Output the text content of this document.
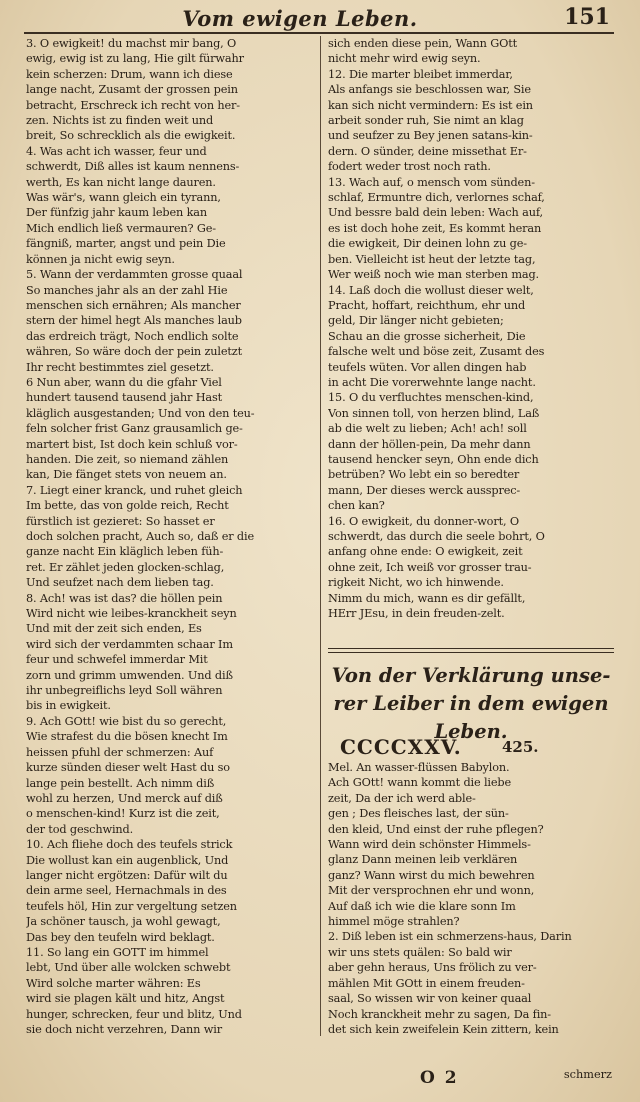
Vom ewigen Leben.	151
3. O ewigkeit! du machst mir bang, O
ewig, ewig ist zu lang, Hie gilt fürwahr
kein scherzen: Drum, wann ich diese
lange nacht, Zusamt der grossen pein
betracht, Erschreck ich recht von her-
zen. Nichts ist zu finden weit und
breit, So schrecklich als die ewigkeit.
4. Was acht ich wasser, feur und
schwerdt, Diß alles ist kaum nennens-
werth, Es kan nicht lange dauren.
Was wär's, wann gleich ein tyrann,
Der fünfzig jahr kaum leben kan
Mich endlich ließ vermauren? Ge-
fängniß, marter, angst und pein Die
können ja nicht ewig seyn.
5. Wann der verdammten grosse quaal
So manches jahr als an der zahl Hie
menschen sich ernähren; Als mancher
stern der himel hegt Als manches laub
das erdreich trägt, Noch endlich solte
währen, So wäre doch der pein zuletzt
Ihr recht bestimmtes ziel gesetzt.
6 Nun aber, wann du die gfahr Viel
hundert tausend tausend jahr Hast
kläglich ausgestanden; Und von den teu-
feln solcher frist Ganz grausamlich ge-
martert bist, Ist doch kein schluß vor-
handen. Die zeit, so niemand zählen
kan, Die fänget stets von neuem an.
7. Liegt einer kranck, und ruhet gleich
Im bette, das von golde reich, Recht
fürstlich ist gezieret: So hasset er
doch solchen pracht, Auch so, daß er die
ganze nacht Ein kläglich leben füh-
ret. Er zählet jeden glocken-schlag,
Und seufzet nach dem lieben tag.
8. Ach! was ist das? die höllen pein
Wird nicht wie leibes-kranckheit seyn
Und mit der zeit sich enden, Es
wird sich der verdammten schaar Im
feur und schwefel immerdar Mit
zorn und grimm umwenden. Und diß
ihr unbegreiflichs leyd Soll währen
bis in ewigkeit.
9. Ach GOtt! wie bist du so gerecht,
Wie strafest du die bösen knecht Im
heissen pfuhl der schmerzen: Auf
kurze sünden dieser welt Hast du so
lange pein bestellt. Ach nimm diß
wohl zu herzen, Und merck auf diß
o menschen-kind! Kurz ist die zeit,
der tod geschwind.
10. Ach fliehe doch des teufels strick
Die wollust kan ein augenblick, Und
langer nicht ergötzen: Dafür wilt du
dein arme seel, Hernachmals in des
teufels höl, Hin zur vergeltung setzen
Ja schöner tausch, ja wohl gewagt,
Das bey den teufeln wird beklagt.
11. So lang ein GOTT im himmel
lebt, Und über alle wolcken schwebt
Wird solche marter währen: Es
wird sie plagen kält und hitz, Angst
hunger, schrecken, feur und blitz, Und
sie doch nicht verzehren, Dann wir
sich enden diese pein, Wann GOtt
nicht mehr wird ewig seyn.
12. Die marter bleibet immerdar,
Als anfangs sie beschlossen war, Sie
kan sich nicht vermindern: Es ist ein
arbeit sonder ruh, Sie nimt an klag
und seufzer zu Bey jenen satans-kin-
dern. O sünder, deine missethat Er-
fodert weder trost noch rath.
13. Wach auf, o mensch vom sünden-
schlaf, Ermuntre dich, verlornes schaf,
Und bessre bald dein leben: Wach auf,
es ist doch hohe zeit, Es kommt heran
die ewigkeit, Dir deinen lohn zu ge-
ben. Vielleicht ist heut der letzte tag,
Wer weiß noch wie man sterben mag.
14. Laß doch die wollust dieser welt,
Pracht, hoffart, reichthum, ehr und
geld, Dir länger nicht gebieten;
Schau an die grosse sicherheit, Die
falsche welt und böse zeit, Zusamt des
teufels wüten. Vor allen dingen hab
in acht Die vorerwehnte lange nacht.
15. O du verfluchtes menschen-kind,
Von sinnen toll, von herzen blind, Laß
ab die welt zu lieben; Ach! ach! soll
dann der höllen-pein, Da mehr dann
tausend hencker seyn, Ohn ende dich
betrüben? Wo lebt ein so beredter
mann, Der dieses werck aussprec-
chen kan?
16. O ewigkeit, du donner-wort, O
schwerdt, das durch die seele bohrt, O
anfang ohne ende: O ewigkeit, zeit
ohne zeit, Ich weiß vor grosser trau-
rigkeit Nicht, wo ich hinwende.
Nimm du mich, wann es dir gefällt,
HErr JEsu, in dein freuden-zelt.
Von der Verklärung unse-
rer Leiber in dem ewigen
Leben.
CCCCXXV.	425.
Mel. An wasser-flüssen Babylon.
Ach GOtt! wann kommt die liebe
zeit, Da der ich werd able-
gen ; Des fleisches last, der sün-
den kleid, Und einst der ruhe pflegen?
Wann wird dein schönster Himmels-
glanz Dann meinen leib verklären
ganz? Wann wirst du mich bewehren
Mit der versprochnen ehr und wonn,
Auf daß ich wie die klare sonn Im
himmel möge strahlen?
2. Diß leben ist ein schmerzens-haus, Darin
wir uns stets quälen: So bald wir
aber gehn heraus, Uns frölich zu ver-
mählen Mit GOtt in einem freuden-
saal, So wissen wir von keiner quaal
Noch kranckheit mehr zu sagen, Da fin-
det sich kein zweifelein Kein zittern, kein
O 2	schmerz
